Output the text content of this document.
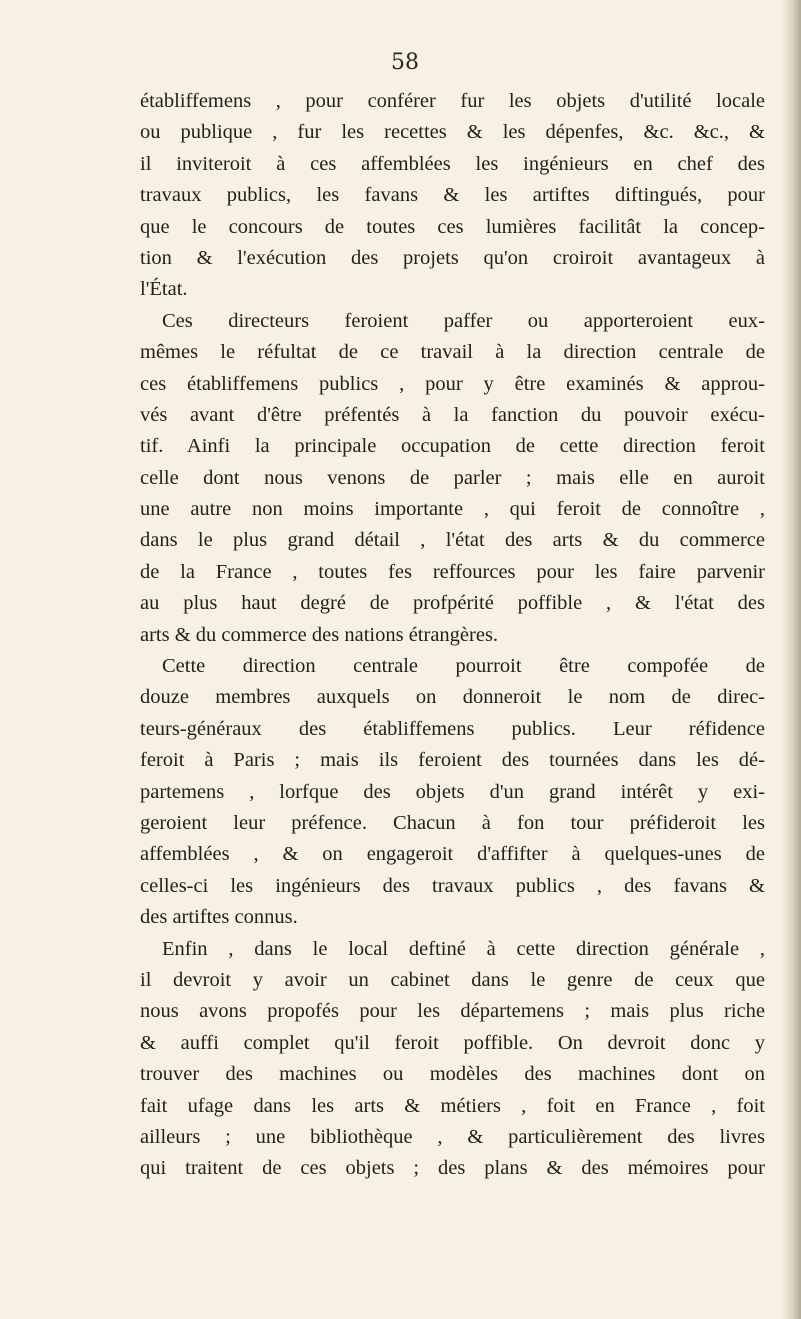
58
établiffemens , pour conférer fur les objets d'utilité locale
ou publique , fur les recettes & les dépenfes, &c. &c., &
il inviteroit à ces affemblées les ingénieurs en chef des
travaux publics, les favans & les artiftes diftingués, pour
que le concours de toutes ces lumières facilitât la concep-
tion & l'exécution des projets qu'on croiroit avantageux à
l'État.
Ces directeurs feroient paffer ou apporteroient eux-
mêmes le réfultat de ce travail à la direction centrale de
ces établiffemens publics , pour y être examinés & approu-
vés avant d'être préfentés à la fanction du pouvoir exécu-
tif. Ainfi la principale occupation de cette direction feroit
celle dont nous venons de parler ; mais elle en auroit
une autre non moins importante , qui feroit de connoître ,
dans le plus grand détail , l'état des arts & du commerce
de la France , toutes fes reffources pour les faire parvenir
au plus haut degré de profpérité poffible , & l'état des
arts & du commerce des nations étrangères.
Cette direction centrale pourroit être compofée de
douze membres auxquels on donneroit le nom de direc-
teurs-généraux des établiffemens publics. Leur réfidence
feroit à Paris ; mais ils feroient des tournées dans les dé-
partemens , lorfque des objets d'un grand intérêt y exi-
geroient leur préfence. Chacun à fon tour préfideroit les
affemblées , & on engageroit d'affifter à quelques-unes de
celles-ci les ingénieurs des travaux publics , des favans &
des artiftes connus.
Enfin , dans le local deftiné à cette direction générale ,
il devroit y avoir un cabinet dans le genre de ceux que
nous avons propofés pour les départemens ; mais plus riche
& auffi complet qu'il feroit poffible. On devroit donc y
trouver des machines ou modèles des machines dont on
fait ufage dans les arts & métiers , foit en France , foit
ailleurs ; une bibliothèque , & particulièrement des livres
qui traitent de ces objets ; des plans & des mémoires pour
